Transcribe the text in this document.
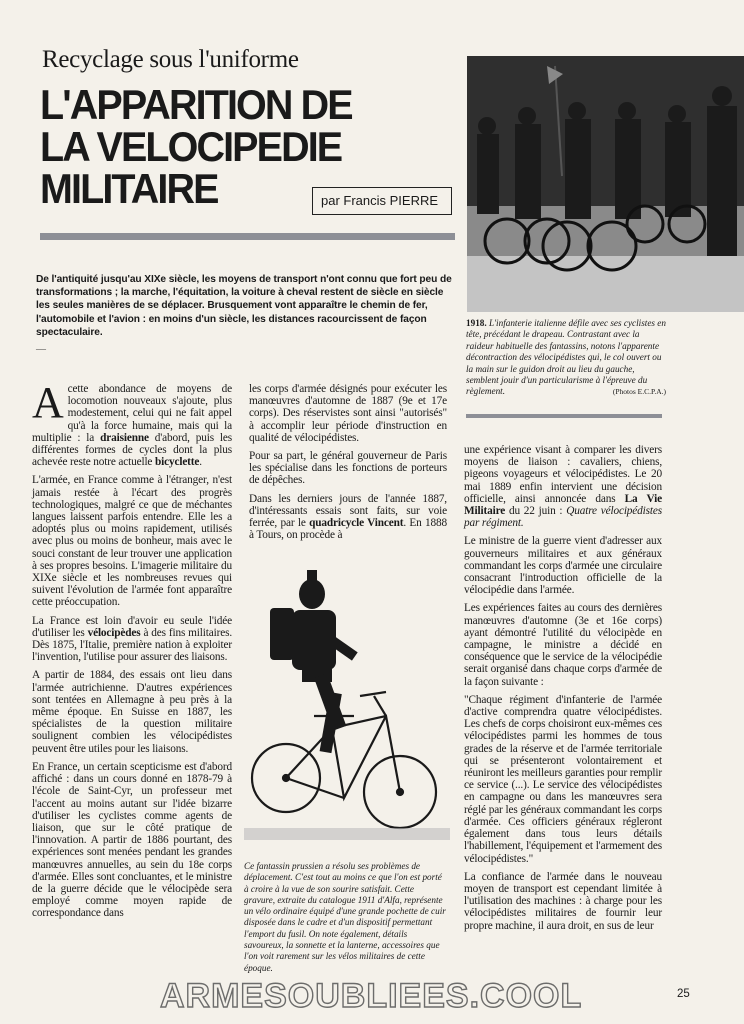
Recyclage sous l'uniforme
L'APPARITION DE
LA VELOCIPEDIE
MILITAIRE	par Francis PIERRE
De l'antiquité jusqu'au XIXe siècle, les moyens de transport n'ont connu que fort peu de transformations ; la marche, l'équitation, la voiture à cheval restent de siècle en siècle les seules manières de se déplacer. Brusquement vont apparaître le chemin de fer, l'automobile et l'avion : en moins d'un siècle, les distances racourcissent de façon spectaculaire.
—
1918. L'infanterie italienne défile avec ses cyclistes en tête, précédant le drapeau. Contrastant avec la raideur habituelle des fantassins, notons l'apparente décontraction des vélocipédistes qui, le col ouvert ou la main sur le guidon droit au lieu du gauche, semblent jouir d'un particularisme à l'épreuve du règlement.	(Photos E.C.P.A.)

Acette abondance de moyens de locomotion nouveaux s'ajoute, plus modestement, celui qui ne fait appel qu'à la force humaine, mais qui la multiplie : la draisienne d'abord, puis les différentes formes de cycles dont la plus achevée reste notre actuelle bicyclette.

L'armée, en France comme à l'étranger, n'est jamais restée à l'écart des progrès technologiques, malgré ce que de méchantes langues laissent parfois entendre. Elle les a adoptés plus ou moins rapidement, utilisés avec plus ou moins de bonheur, mais avec le souci constant de leur trouver une application à ses propres besoins. L'imagerie militaire du XIXe siècle et les nombreuses revues qui suivent l'évolution de l'armée font apparaître cette préoccupation.

La France est loin d'avoir eu seule l'idée d'utiliser les vélocipèdes à des fins militaires. Dès 1875, l'Italie, première nation à exploiter l'invention, l'utilise pour assurer des liaisons.

A partir de 1884, des essais ont lieu dans l'armée autrichienne. D'autres expériences sont tentées en Allemagne à peu près à la même époque. En Suisse en 1887, les spécialistes de la question militaire soulignent combien les vélocipédistes peuvent être utiles pour les liaisons.

En France, un certain scepticisme est d'abord affiché : dans un cours donné en 1878-79 à l'école de Saint-Cyr, un professeur met l'accent au moins autant sur l'idée bizarre d'utiliser les cyclistes comme agents de liaison, que sur le côté pratique de l'innovation. A partir de 1886 pourtant, des expériences sont menées pendant les grandes manœuvres annuelles, au sein du 18e corps d'armée. Elles sont concluantes, et le ministre de la guerre décide que le vélocipède sera employé comme moyen rapide de correspondance dans

les corps d'armée désignés pour exécuter les manœuvres d'automne de 1887 (9e et 17e corps). Des réservistes sont ainsi "autorisés" à accomplir leur période d'instruction en qualité de vélocipédistes.

Pour sa part, le général gouverneur de Paris les spécialise dans les fonctions de porteurs de dépêches.

Dans les derniers jours de l'année 1887, d'intéressants essais sont faits, sur voie ferrée, par le quadricycle Vincent. En 1888 à Tours, on procède à

Ce fantassin prussien a résolu ses problèmes de déplacement. C'est tout au moins ce que l'on est porté à croire à la vue de son sourire satisfait. Cette gravure, extraite du catalogue 1911 d'Alfa, représente un vélo ordinaire équipé d'une grande pochette de cuir disposée dans le cadre et d'un dispositif permettant l'emport du fusil. On note également, détails savoureux, la sonnette et la lanterne, accessoires que l'on voit rarement sur les vélos militaires de cette époque.

une expérience visant à comparer les divers moyens de liaison : cavaliers, chiens, pigeons voyageurs et vélocipédistes. Le 20 mai 1889 enfin intervient une décision officielle, ainsi annoncée dans La Vie Militaire du 22 juin : Quatre vélocipédistes par régiment.

Le ministre de la guerre vient d'adresser aux gouverneurs militaires et aux généraux commandant les corps d'armée une circulaire consacrant l'introduction officielle de la vélocipédie dans l'armée.

Les expériences faites au cours des dernières manœuvres d'automne (3e et 16e corps) ayant démontré l'utilité du vélocipède en campagne, le ministre a décidé en conséquence que le service de la vélocipédie serait organisé dans chaque corps d'armée de la façon suivante :

"Chaque régiment d'infanterie de l'armée d'active comprendra quatre vélocipédistes. Les chefs de corps choisiront eux-mêmes ces vélocipédistes parmi les hommes de tous grades de la réserve et de l'armée territoriale qui se présenteront volontairement et réuniront les meilleurs garanties pour remplir ce service (...). Le service des vélocipédistes en campagne ou dans les manœuvres sera réglé par les généraux commandant les corps d'armée. Ces officiers généraux régleront également dans tous leurs détails l'habillement, l'équipement et l'armement des vélocipédistes."

La confiance de l'armée dans le nouveau moyen de transport est cependant limitée à l'utilisation des machines : à charge pour les vélocipédistes militaires de fournir leur propre machine, il aura droit, en sus de leur

ARMESOUBLIEES.COOL	25
